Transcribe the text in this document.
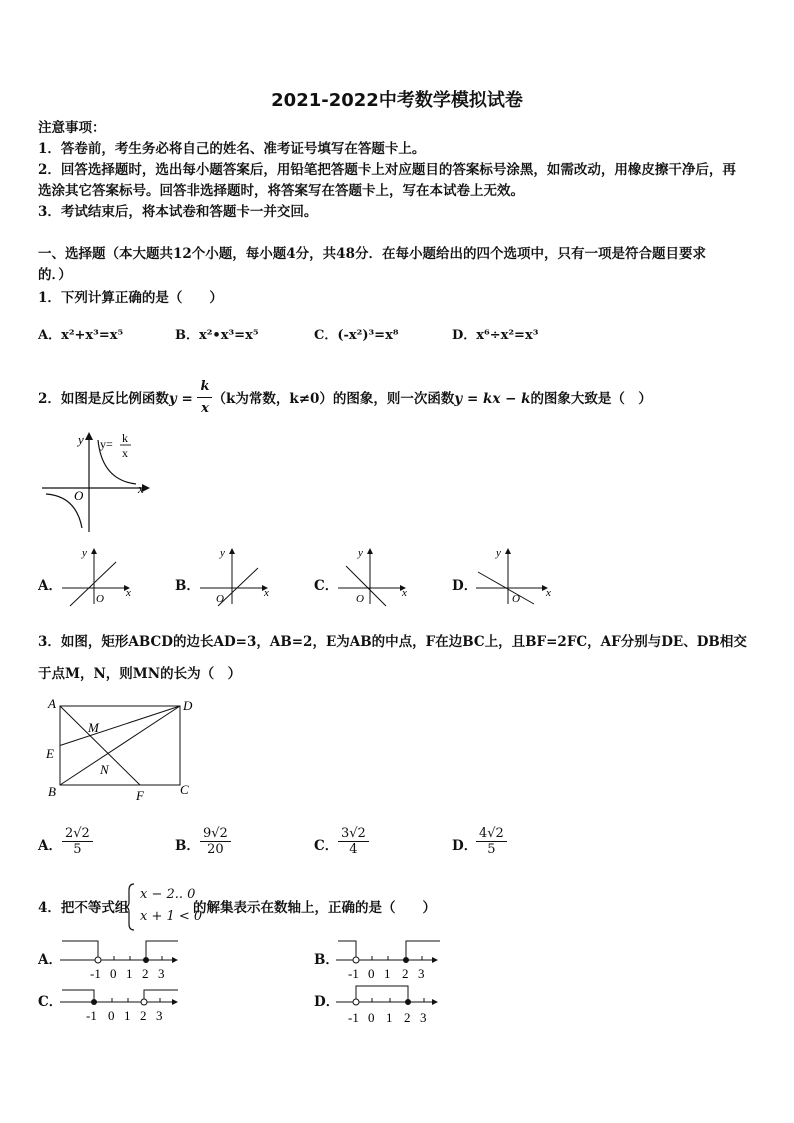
2021-2022中考数学模拟试卷
注意事项：
1．答卷前，考生务必将自己的姓名、准考证号填写在答题卡上。
2．回答选择题时，选出每小题答案后，用铅笔把答题卡上对应题目的答案标号涂黑，如需改动，用橡皮擦干净后，再
选涂其它答案标号。回答非选择题时，将答案写在答题卡上，写在本试卷上无效。
3．考试结束后，将本试卷和答题卡一并交回。
一、选择题（本大题共12个小题，每小题4分，共48分．在每小题给出的四个选项中，只有一项是符合题目要求
的．）
1．下列计算正确的是（　　）
A．x²+x³=x⁵	B．x²•x³=x⁵	C．(-x²)³=x⁸	D．x⁶÷x²=x³
2．如图是反比例函数$y = \frac{k}{x} (k$为常数，k≠0）的图象，则一次函数y = kx − k的图象大致是（　）
y
x
O
y= k
x
A．
y
x
O
B．
y
x
O
C．
y
x
O
D．
y
x
O
3．如图，矩形ABCD的边长AD=3，AB=2，E为AB的中点，F在边BC上，且BF=2FC，AF分别与DE、DB相交
于点M，N，则MN的长为（　）
A	D
M
E
N
B	F	C
A． $\frac{2√2}{5}$	B． $\frac{9√2}{20}$	C． $\frac{3√2}{4}$	D．
$\frac{4√2}{5}$
4．把不等式组
x − 2.. 0
x + 1 < 0
的解集表示在数轴上，正确的是（　　）
A．
-1 0 1 2 3
B．
-1 0 1 2 3
C．
-1 0 1 2 3
D．
-1 0 1 2 3
